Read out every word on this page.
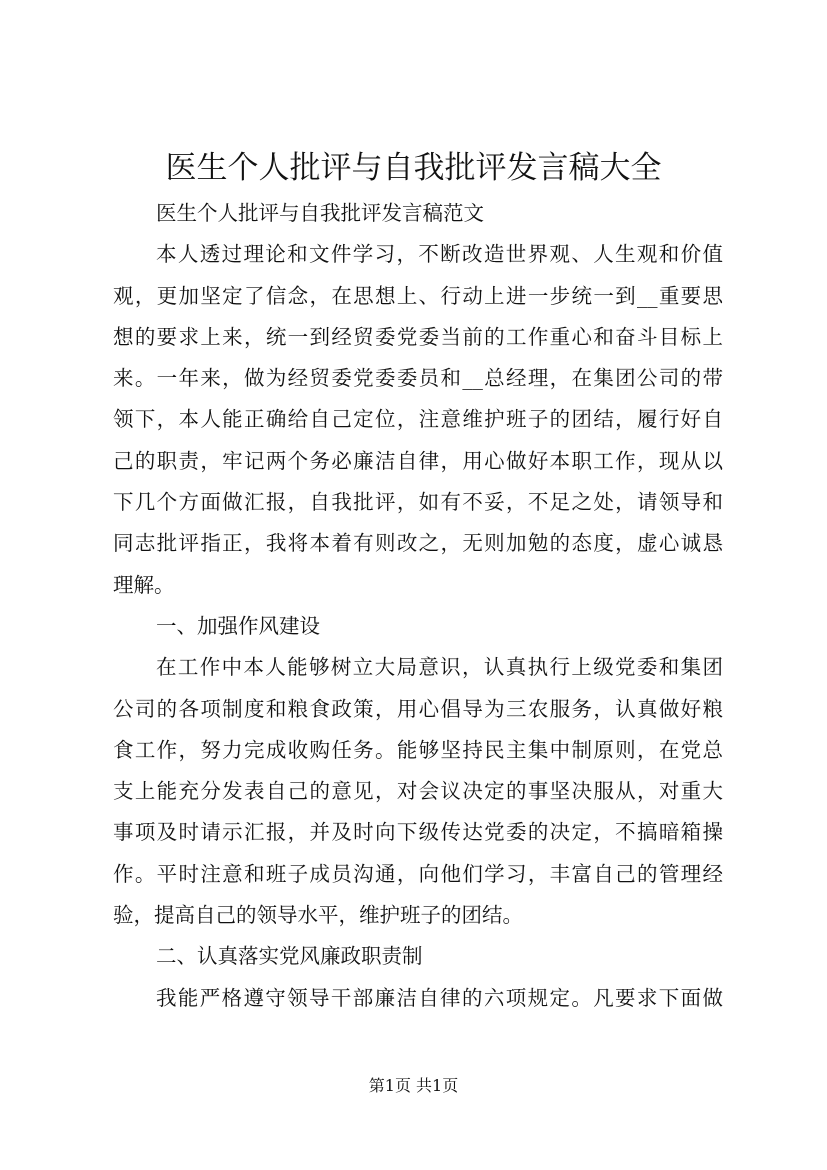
医生个人批评与自我批评发言稿大全
医生个人批评与自我批评发言稿范文
本人透过理论和文件学习，不断改造世界观、人生观和价值
观，更加坚定了信念，在思想上、行动上进一步统一到__重要思
想的要求上来，统一到经贸委党委当前的工作重心和奋斗目标上
来。一年来，做为经贸委党委委员和__总经理，在集团公司的带
领下，本人能正确给自己定位，注意维护班子的团结，履行好自
己的职责，牢记两个务必廉洁自律，用心做好本职工作，现从以
下几个方面做汇报，自我批评，如有不妥，不足之处，请领导和
同志批评指正，我将本着有则改之，无则加勉的态度，虚心诚恳
理解。
一、加强作风建设
在工作中本人能够树立大局意识，认真执行上级党委和集团
公司的各项制度和粮食政策，用心倡导为三农服务，认真做好粮
食工作，努力完成收购任务。能够坚持民主集中制原则，在党总
支上能充分发表自己的意见，对会议决定的事坚决服从，对重大
事项及时请示汇报，并及时向下级传达党委的决定，不搞暗箱操
作。平时注意和班子成员沟通，向他们学习，丰富自己的管理经
验，提高自己的领导水平，维护班子的团结。
二、认真落实党风廉政职责制
我能严格遵守领导干部廉洁自律的六项规定。凡要求下面做
第1页 共1页
